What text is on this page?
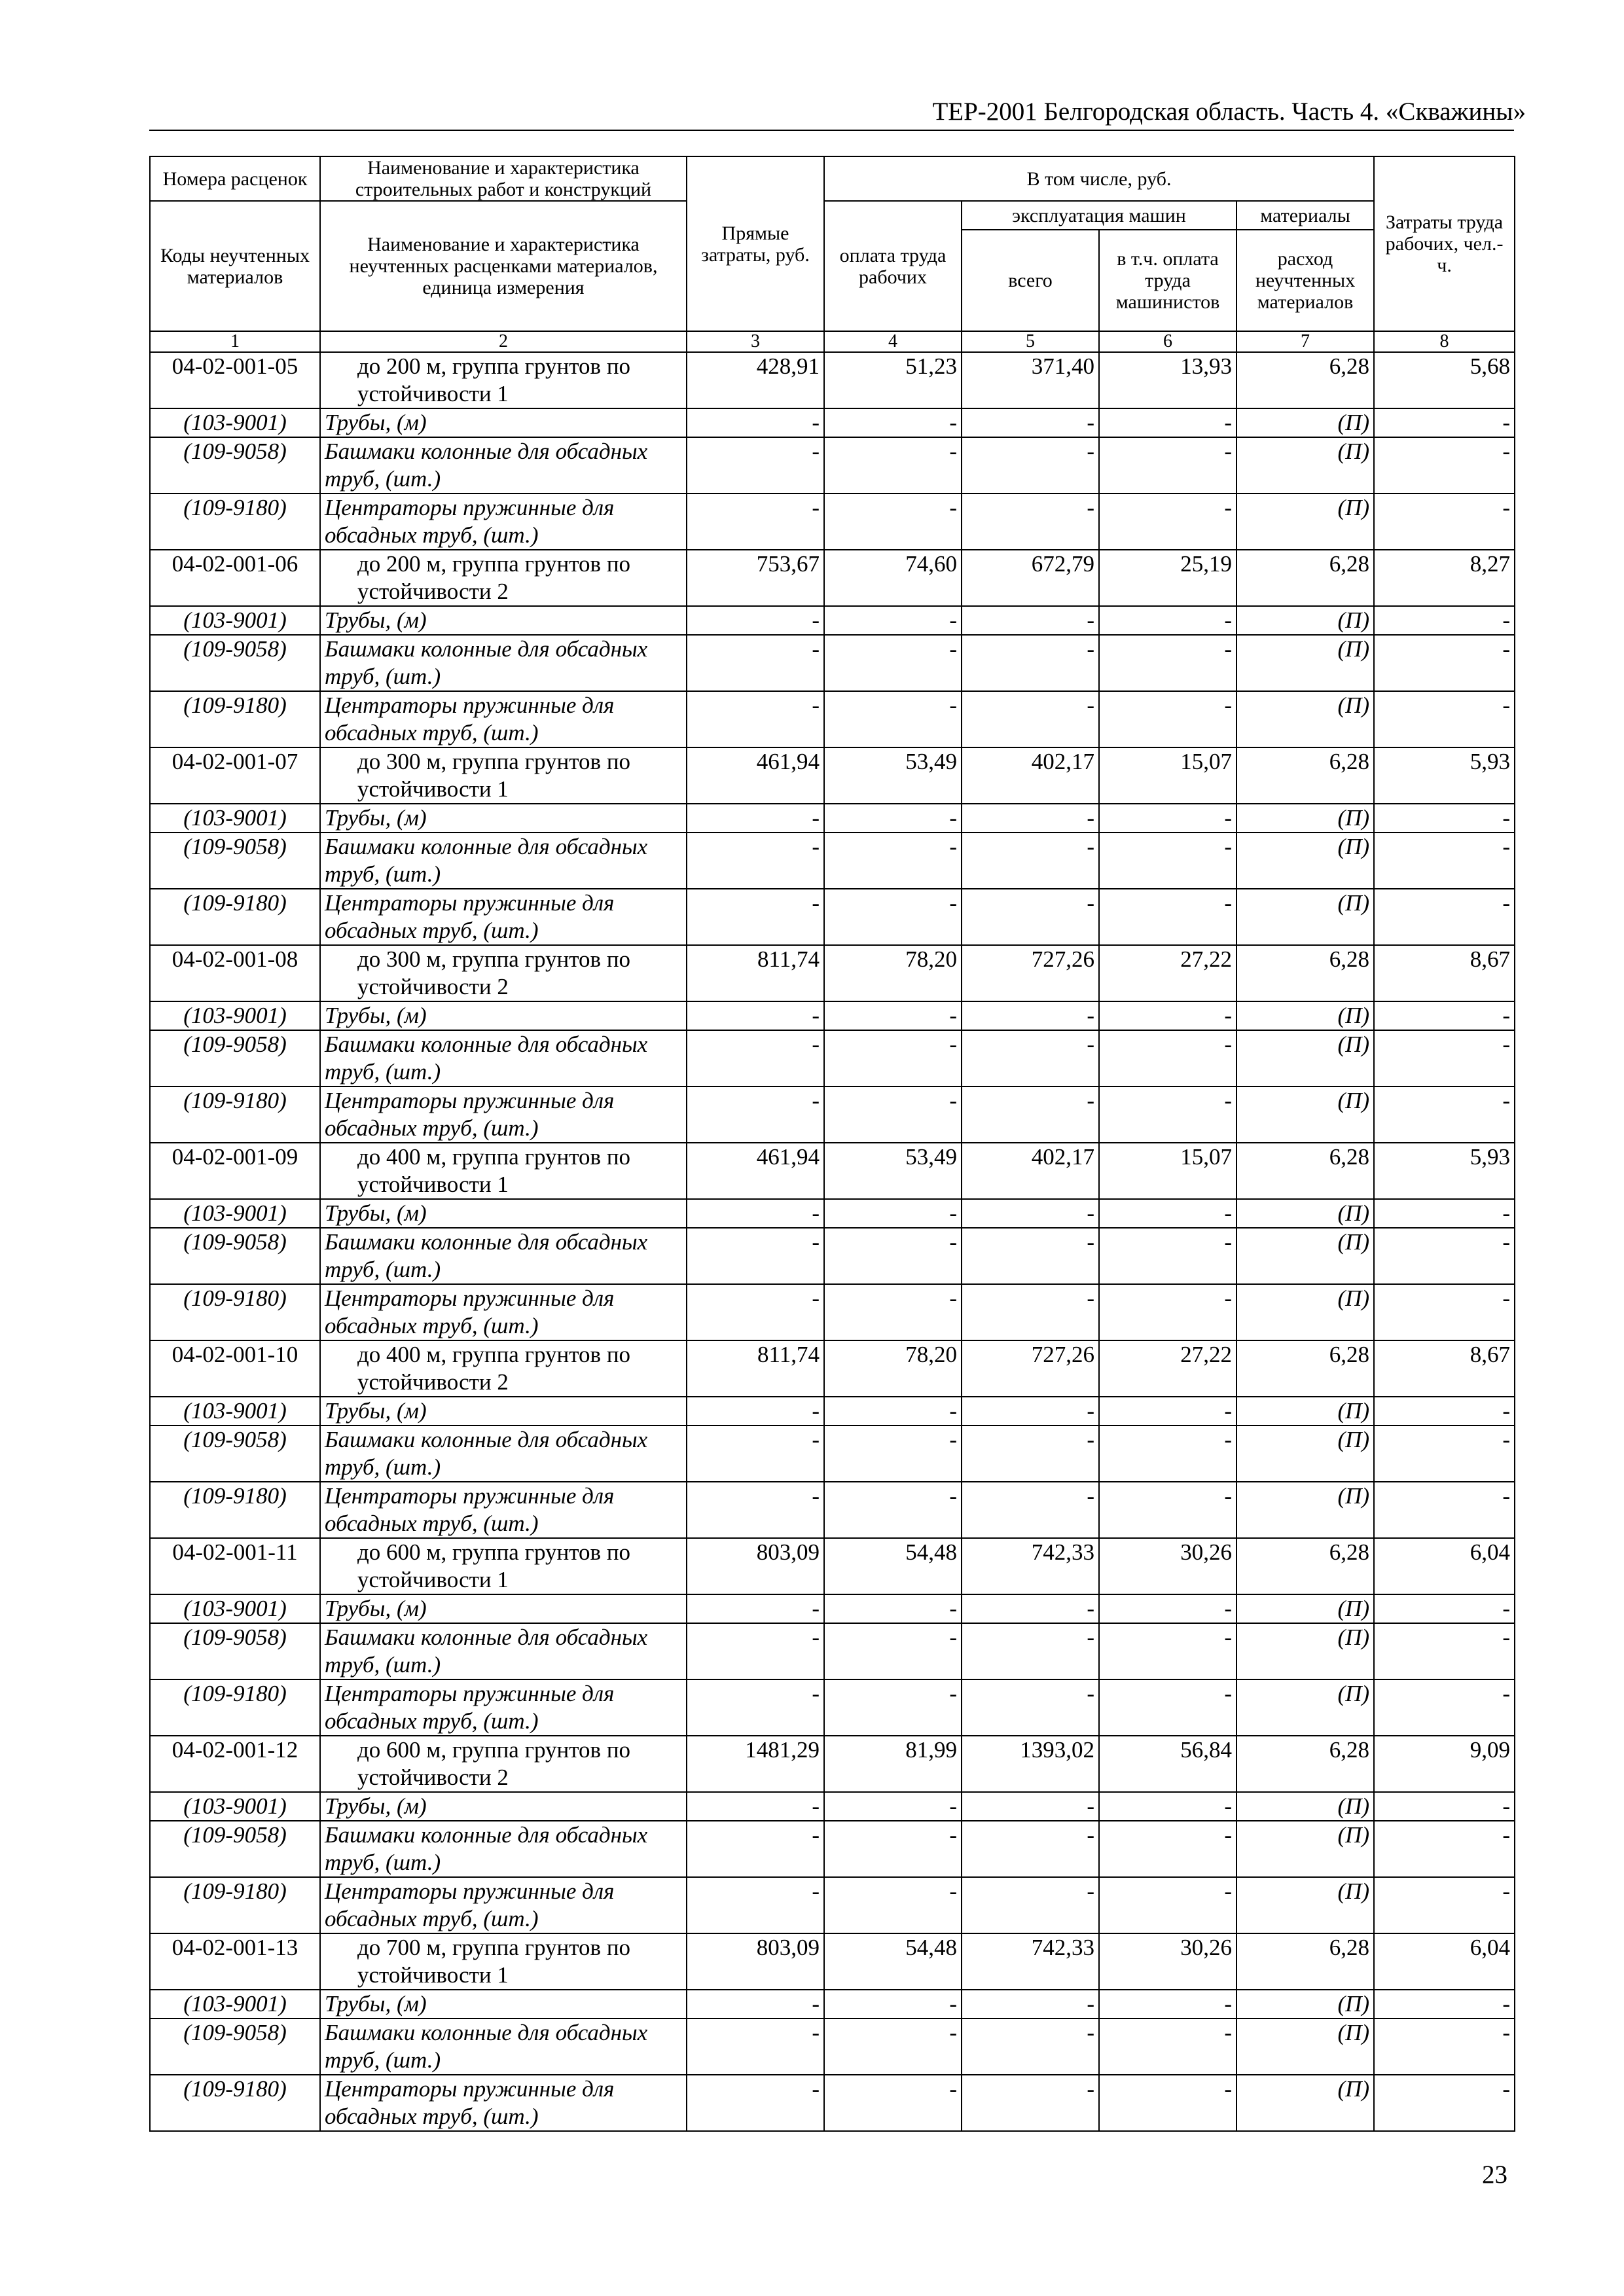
ТЕР-2001 Белгородская область. Часть 4. «Скважины»
Номера расценок	Наименование и характеристика строительных работ и конструкций	Прямые затраты, руб.	В том числе, руб.				Затраты труда рабочих, чел.-ч.
Коды неучтенных материалов	Наименование и характеристика неучтенных расценками материалов, единица измерения		оплата труда рабочих	эксплуатация машин		материалы	
				всего	в т.ч. оплата труда машинистов	расход неучтенных материалов	
1	2	3	4	5	6	7	8
04-02-001-05	до 200 м, группа грунтов по устойчивости 1	428,91	51,23	371,40	13,93	6,28	5,68
(103-9001)	Трубы, (м)	-	-	-	-	(П)	-
(109-9058)	Башмаки колонные для обсадных труб, (шт.)	-	-	-	-	(П)	-
(109-9180)	Центраторы пружинные для обсадных труб, (шт.)	-	-	-	-	(П)	-
04-02-001-06	до 200 м, группа грунтов по устойчивости 2	753,67	74,60	672,79	25,19	6,28	8,27
(103-9001)	Трубы, (м)	-	-	-	-	(П)	-
(109-9058)	Башмаки колонные для обсадных труб, (шт.)	-	-	-	-	(П)	-
(109-9180)	Центраторы пружинные для обсадных труб, (шт.)	-	-	-	-	(П)	-
04-02-001-07	до 300 м, группа грунтов по устойчивости 1	461,94	53,49	402,17	15,07	6,28	5,93
(103-9001)	Трубы, (м)	-	-	-	-	(П)	-
(109-9058)	Башмаки колонные для обсадных труб, (шт.)	-	-	-	-	(П)	-
(109-9180)	Центраторы пружинные для обсадных труб, (шт.)	-	-	-	-	(П)	-
04-02-001-08	до 300 м, группа грунтов по устойчивости 2	811,74	78,20	727,26	27,22	6,28	8,67
(103-9001)	Трубы, (м)	-	-	-	-	(П)	-
(109-9058)	Башмаки колонные для обсадных труб, (шт.)	-	-	-	-	(П)	-
(109-9180)	Центраторы пружинные для обсадных труб, (шт.)	-	-	-	-	(П)	-
04-02-001-09	до 400 м, группа грунтов по устойчивости 1	461,94	53,49	402,17	15,07	6,28	5,93
(103-9001)	Трубы, (м)	-	-	-	-	(П)	-
(109-9058)	Башмаки колонные для обсадных труб, (шт.)	-	-	-	-	(П)	-
(109-9180)	Центраторы пружинные для обсадных труб, (шт.)	-	-	-	-	(П)	-
04-02-001-10	до 400 м, группа грунтов по устойчивости 2	811,74	78,20	727,26	27,22	6,28	8,67
(103-9001)	Трубы, (м)	-	-	-	-	(П)	-
(109-9058)	Башмаки колонные для обсадных труб, (шт.)	-	-	-	-	(П)	-
(109-9180)	Центраторы пружинные для обсадных труб, (шт.)	-	-	-	-	(П)	-
04-02-001-11	до 600 м, группа грунтов по устойчивости 1	803,09	54,48	742,33	30,26	6,28	6,04
(103-9001)	Трубы, (м)	-	-	-	-	(П)	-
(109-9058)	Башмаки колонные для обсадных труб, (шт.)	-	-	-	-	(П)	-
(109-9180)	Центраторы пружинные для обсадных труб, (шт.)	-	-	-	-	(П)	-
04-02-001-12	до 600 м, группа грунтов по устойчивости 2	1481,29	81,99	1393,02	56,84	6,28	9,09
(103-9001)	Трубы, (м)	-	-	-	-	(П)	-
(109-9058)	Башмаки колонные для обсадных труб, (шт.)	-	-	-	-	(П)	-
(109-9180)	Центраторы пружинные для обсадных труб, (шт.)	-	-	-	-	(П)	-
04-02-001-13	до 700 м, группа грунтов по устойчивости 1	803,09	54,48	742,33	30,26	6,28	6,04
(103-9001)	Трубы, (м)	-	-	-	-	(П)	-
(109-9058)	Башмаки колонные для обсадных труб, (шт.)	-	-	-	-	(П)	-
(109-9180)	Центраторы пружинные для обсадных труб, (шт.)	-	-	-	-	(П)	-
23
